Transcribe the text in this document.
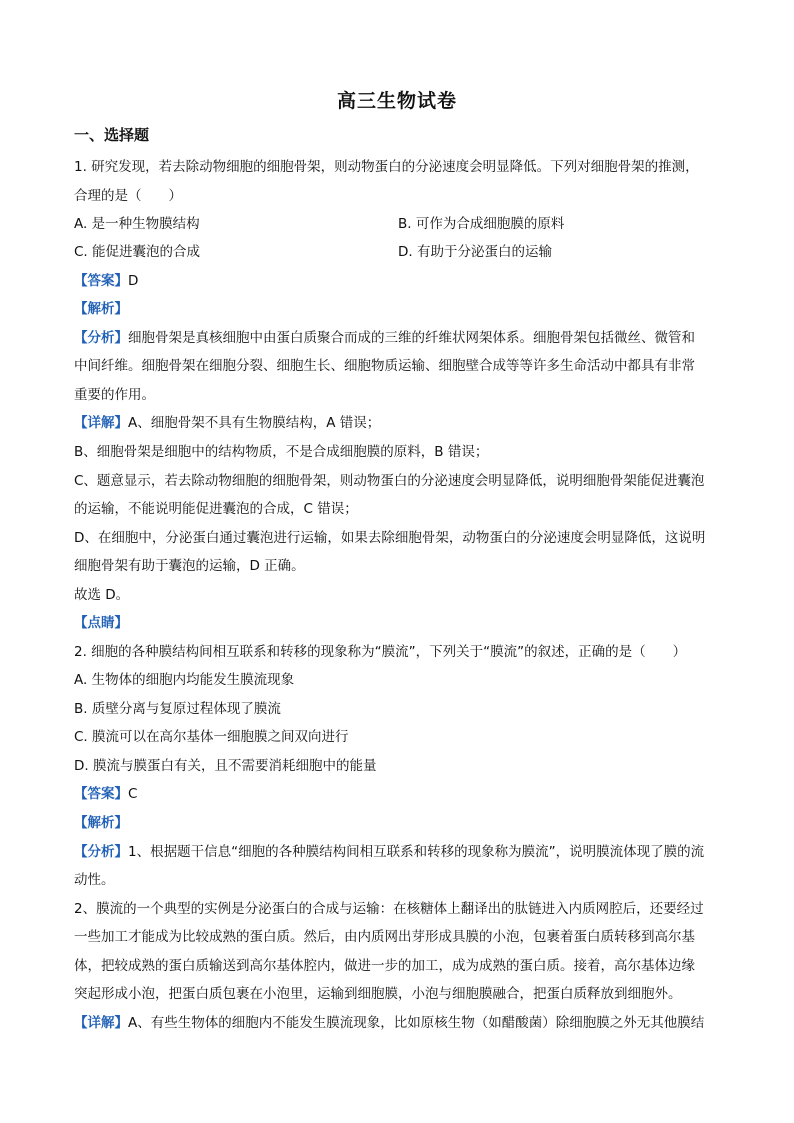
高三生物试卷
一、选择题
1. 研究发现，若去除动物细胞的细胞骨架，则动物蛋白的分泌速度会明显降低。下列对细胞骨架的推测，
合理的是（　　）
A. 是一种生物膜结构	B. 可作为合成细胞膜的原料
C. 能促进囊泡的合成	D. 有助于分泌蛋白的运输
【答案】D
【解析】
【分析】细胞骨架是真核细胞中由蛋白质聚合而成的三维的纤维状网架体系。细胞骨架包括微丝、微管和
中间纤维。细胞骨架在细胞分裂、细胞生长、细胞物质运输、细胞壁合成等等许多生命活动中都具有非常
重要的作用。
【详解】A、细胞骨架不具有生物膜结构，A 错误；
B、细胞骨架是细胞中的结构物质，不是合成细胞膜的原料，B 错误；
C、题意显示，若去除动物细胞的细胞骨架，则动物蛋白的分泌速度会明显降低，说明细胞骨架能促进囊泡
的运输，不能说明能促进囊泡的合成，C 错误；
D、在细胞中，分泌蛋白通过囊泡进行运输，如果去除细胞骨架，动物蛋白的分泌速度会明显降低，这说明
细胞骨架有助于囊泡的运输，D 正确。
故选 D。
【点睛】
2. 细胞的各种膜结构间相互联系和转移的现象称为“膜流”，下列关于“膜流”的叙述，正确的是（　　）
A. 生物体的细胞内均能发生膜流现象
B. 质壁分离与复原过程体现了膜流
C. 膜流可以在高尔基体一细胞膜之间双向进行
D. 膜流与膜蛋白有关，且不需要消耗细胞中的能量
【答案】C
【解析】
【分析】1、根据题干信息“细胞的各种膜结构间相互联系和转移的现象称为膜流”，说明膜流体现了膜的流
动性。
2、膜流的一个典型的实例是分泌蛋白的合成与运输：在核糖体上翻译出的肽链进入内质网腔后，还要经过
一些加工才能成为比较成熟的蛋白质。然后，由内质网出芽形成具膜的小泡，包裹着蛋白质转移到高尔基
体，把较成熟的蛋白质输送到高尔基体腔内，做进一步的加工，成为成熟的蛋白质。接着，高尔基体边缘
突起形成小泡，把蛋白质包裹在小泡里，运输到细胞膜，小泡与细胞膜融合，把蛋白质释放到细胞外。
【详解】A、有些生物体的细胞内不能发生膜流现象，比如原核生物（如醋酸菌）除细胞膜之外无其他膜结
